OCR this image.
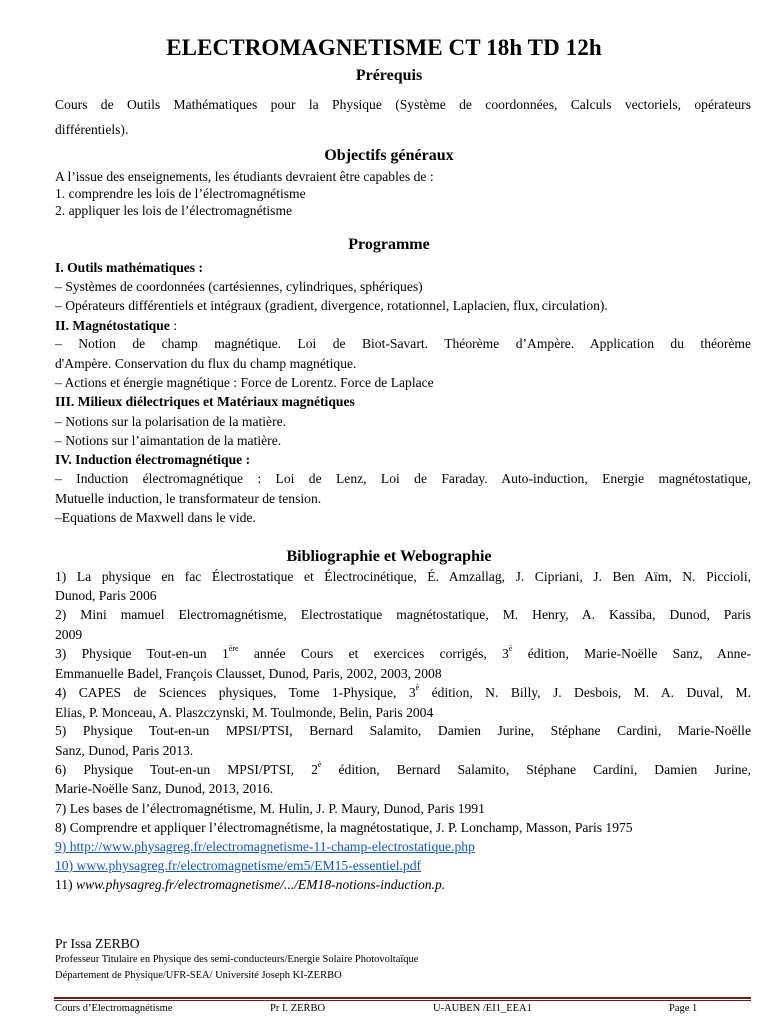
ELECTROMAGNETISME CT 18h TD 12h
Prérequis
Cours de Outils Mathématiques pour la Physique (Système de coordonnées, Calculs vectoriels, opérateurs
différentiels).
Objectifs généraux
A l’issue des enseignements, les étudiants devraient être capables de :
1. comprendre les lois de l’électromagnétisme
2. appliquer les lois de l’électromagnétisme
Programme
I. Outils mathématiques :
– Systèmes de coordonnées (cartésiennes, cylindriques, sphériques)
– Opérateurs différentiels et intégraux (gradient, divergence, rotationnel, Laplacien, flux, circulation).
II. Magnétostatique :
– Notion de champ magnétique. Loi de Biot-Savart. Théorème d’Ampère. Application du théorème
d'Ampère. Conservation du flux du champ magnétique.
– Actions et énergie magnétique : Force de Lorentz. Force de Laplace
III. Milieux diélectriques et Matériaux magnétiques
– Notions sur la polarisation de la matière.
– Notions sur l’aimantation de la matière.
IV. Induction électromagnétique :
– Induction électromagnétique : Loi de Lenz, Loi de Faraday. Auto-induction, Energie magnétostatique,
Mutuelle induction, le transformateur de tension.
–Equations de Maxwell dans le vide.
Bibliographie et Webographie
1) La physique en fac Électrostatique et Électrocinétique, É. Amzallag, J. Cipriani, J. Ben Aïm, N. Piccioli,
Dunod, Paris 2006
2) Mini mamuel Electromagnétisme, Electrostatique magnétostatique, M. Henry, A. Kassiba, Dunod, Paris
2009
3) Physique Tout-en-un 1ère année Cours et exercices corrigés, $3^è$ édition, Marie-Noëlle Sanz, Anne-
Emmanuelle Badel, François Clausset, Dunod, Paris, 2002, 2003, 2008
4) CAPES de Sciences physiques, Tome 1-Physique, $3^è$ édition, N. Billy, J. Desbois, M. A. Duval, M.
Elias, P. Monceau, A. Plaszczynski, M. Toulmonde, Belin, Paris 2004
5) Physique Tout-en-un MPSI/PTSI, Bernard Salamito, Damien Jurine, Stéphane Cardini, Marie-Noëlle
Sanz, Dunod, Paris 2013.
6) Physique Tout-en-un MPSI/PTSI, $2^è$ édition, Bernard Salamito, Stéphane Cardini, Damien Jurine,
Marie-Noëlle Sanz, Dunod, 2013, 2016.
7) Les bases de l’électromagnétisme, M. Hulin, J. P. Maury, Dunod, Paris 1991
8) Comprendre et appliquer l’électromagnétisme, la magnétostatique, J. P. Lonchamp, Masson, Paris 1975
9) http://www.physagreg.fr/electromagnetisme-11-champ-electrostatique.php
10) www.physagreg.fr/electromagnetisme/em5/EM15-essentiel.pdf
11) www.physagreg.fr/electromagnetisme/.../EM18-notions-induction.p.
Pr Issa ZERBO
Professeur Titulaire en Physique des semi-conducteurs/Energie Solaire Photovoltaïque
Département de Physique/UFR-SEA/ Université Joseph KI-ZERBO
Cours d’Electromagnétisme	Pr I. ZERBO	U-AUBEN /EI1_EEA1	Page 1
